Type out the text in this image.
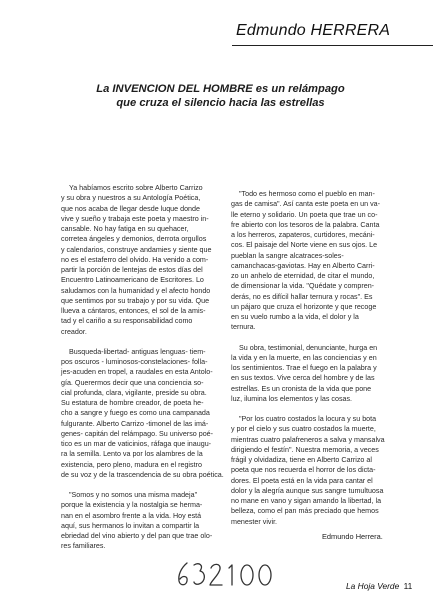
Edmundo HERRERA
La INVENCION DEL HOMBRE es un relámpago
que cruza el silencio hacia las estrellas

Ya habíamos escrito sobre Alberto Carrizo

y su obra y nuestros a su Antología Poética,

que nos acaba de llegar desde luque donde

vive y sueño y trabaja este poeta y maestro in-

cansable. No hay fatiga en su quehacer,

corretea ángeles y demonios, derrota orgullos

y calendarios, construye andamies y siente que

no es el estaferro del olvido. Ha venido a com-

partir la porción de lentejas de estos días del

Encuentro Latinoamericano de Escritores. Lo

saludamos con la humanidad y el afecto hondo

que sentimos por su trabajo y por su vida. Que

llueva a cántaros, entonces, el sol de la amis-

tad y el cariño a su responsabilidad como

creador.

Busqueda-libertad- antiguas lenguas- tiem-

pos oscuros - luminosos-constelaciones- folla-

jes-acuden en tropel, a raudales en esta Antolo-

gía. Querermos decir que una conciencia so-

cial profunda, clara, vigilante, preside su obra.

Su estatura de hombre creador, de poeta he-

cho a sangre y fuego es como una campanada

fulgurante. Alberto Carrizo -timonel de las imá-

genes- capitán del relámpago. Su universo poé-

tico es un mar de vaticinios, ráfaga que inaugu-

ra la semilla. Lento va por los alambres de la

existencia, pero pleno, madura en el registro

de su voz y de la trascendencia de su obra poética.

"Somos y no somos una misma madeja"

porque la existencia y la nostalgia se herma-

nan en el asombro frente a la vida. Hoy está

aquí, sus hermanos lo invitan a compartir la

ebriedad del vino abierto y del pan que trae olo-

res familiares.

"Todo es hermoso como el pueblo en man-

gas de camisa". Así canta este poeta en un va-

lle eterno y solidario. Un poeta que trae un co-

fre abierto con los tesoros de la palabra. Canta

a los herreros, zapateros, curtidores, mecáni-

cos. El paisaje del Norte viene en sus ojos. Le

pueblan la sangre alcatraces-soles-

camanchacas-gaviotas. Hay en Alberto Carri-

zo un anhelo de eternidad, de citar el mundo,

de dimensionar la vida. "Quédate y compren-

derás, no es difícil hallar ternura y rocas". Es

un pájaro que cruza el horizonte y que recoge

en su vuelo rumbo a la vida, el dolor y la

ternura.

Su obra, testimonial, denunciante, hurga en

la vida y en la muerte, en las conciencias y en

los sentimientos. Trae el fuego en la palabra y

en sus textos. Vive cerca del hombre y de las

estrellas. Es un cronista de la vida que pone

luz, ilumina los elementos y las cosas.

"Por los cuatro costados la locura y su bota

y por el cielo y sus cuatro costados la muerte,

mientras cuatro palafreneros a salva y mansalva

dirigiendo el festín". Nuestra memoria, a veces

frágil y olvidadiza, tiene en Alberto Carrizo al

poeta que nos recuerda el horror de los dicta-

dores. El poeta está en la vida para cantar el

dolor y la alegría aunque sus sangre tumultuosa

no mane en vano y sigan amando la libertad, la

belleza, como el pan más preciado que hemos

menester vivir.

Edmundo Herrera.
La Hoja Verde 11
